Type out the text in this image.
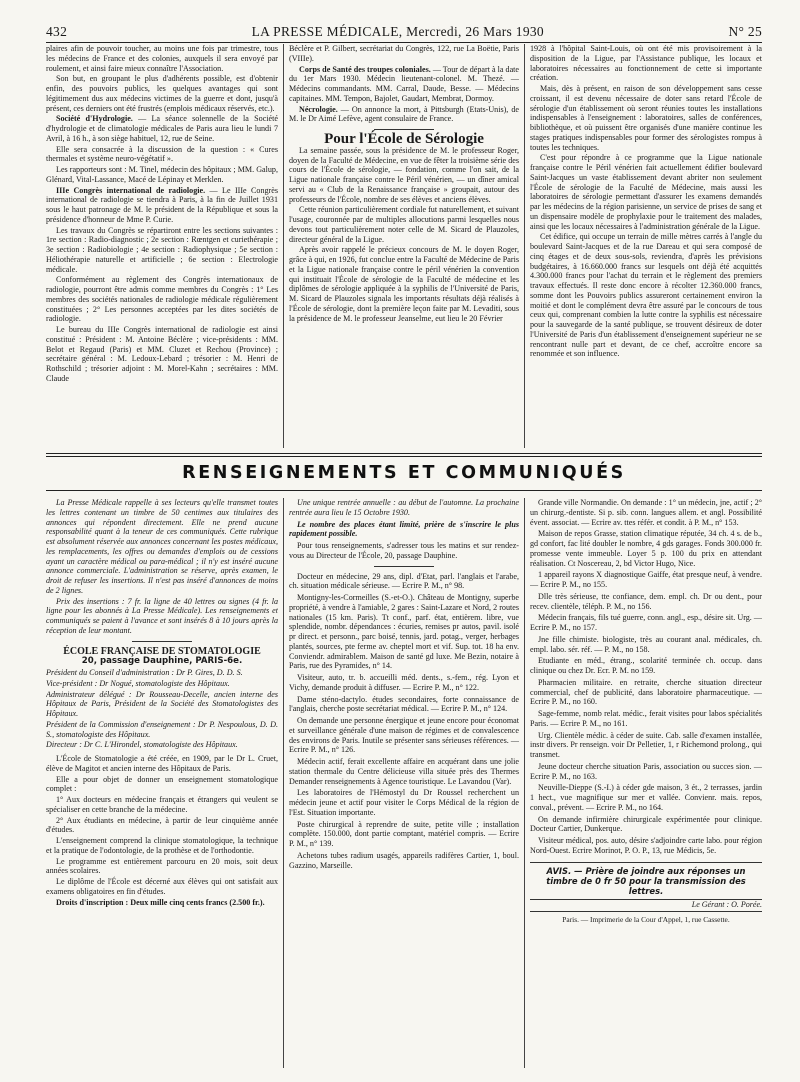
432	LA PRESSE MÉDICALE, Mercredi, 26 Mars 1930	N° 25

plaires afin de pouvoir toucher, au moins une fois par trimestre, tous les médecins de France et des colonies, auxquels il sera envoyé par roulement, et ainsi faire mieux connaître l'Association.

Son but, en groupant le plus d'adhérents possible, est d'obtenir enfin, des pouvoirs publics, les quelques avantages qui sont légitimement dus aux médecins victimes de la guerre et dont, jusqu'à présent, ces derniers ont été frustrés (emplois médicaux réservés, etc.).

Société d'Hydrologie. — La séance solennelle de la Société d'hydrologie et de climatologie médicales de Paris aura lieu le lundi 7 Avril, à 16 h., à son siège habituel, 12, rue de Seine.

Elle sera consacrée à la discussion de la question : « Cures thermales et système neuro-végétatif ».

Les rapporteurs sont : M. Tinel, médecin des hôpitaux ; MM. Galup, Glénard, Vital-Lassance, Macé de Lépinay et Merklen.

IIIe Congrès international de radiologie. — Le IIIe Congrès international de radiologie se tiendra à Paris, à la fin de Juillet 1931 sous le haut patronage de M. le président de la République et sous la présidence d'honneur de Mme P. Curie.

Les travaux du Congrès se répartiront entre les sections suivantes : 1re section : Radio-diagnostic ; 2e section : Rœntgen et curiethérapie ; 3e section : Radiobiologie ; 4e section : Radiophysique ; 5e section : Héliothérapie naturelle et artificielle ; 6e section : Electrologie médicale.

Conformément au règlement des Congrès internationaux de radiologie, pourront être admis comme membres du Congrès : 1° Les membres des sociétés nationales de radiologie médicale régulièrement constituées ; 2° Les personnes acceptées par les dites sociétés de radiologie.

Le bureau du IIIe Congrès international de radiologie est ainsi constitué : Président : M. Antoine Béclère ; vice-présidents : MM. Belot et Regaud (Paris) et MM. Cluzet et Rechou (Province) ; secrétaire général : M. Ledoux-Lebard ; trésorier : M. Henri de Rothschild ; trésorier adjoint : M. Morel-Kahn ; secrétaires : MM. Claude

Béclère et P. Gilbert, secrétariat du Congrès, 122, rue La Boëtie, Paris (VIIIe).

Corps de Santé des troupes coloniales. — Tour de départ à la date du 1er Mars 1930. Médecin lieutenant-colonel. M. Thezé. — Médecins commandants. MM. Carral, Daude, Besse. — Médecins capitaines. MM. Tempon, Bajolet, Gaudart, Membrat, Dormoy.

Nécrologie. — On annonce la mort, à Pittsburgh (Etats-Unis), de M. le Dr Aimé Lefève, agent consulaire de France.

Pour l'École de Sérologie

La semaine passée, sous la présidence de M. le professeur Roger, doyen de la Faculté de Médecine, en vue de fêter la troisième série des cours de l'École de sérologie, — fondation, comme l'on sait, de la Ligue nationale française contre le Péril vénérien, — un dîner amical servi au « Club de la Renaissance française » groupait, autour des professeurs de l'École, nombre de ses élèves et anciens élèves.

Cette réunion particulièrement cordiale fut naturellement, et suivant l'usage, couronnée par de multiples allocutions parmi lesquelles nous devons tout particulièrement noter celle de M. Sicard de Plauzoles, directeur général de la Ligue.

Après avoir rappelé le précieux concours de M. le doyen Roger, grâce à qui, en 1926, fut conclue entre la Faculté de Médecine de Paris et la Ligue nationale française contre le péril vénérien la convention qui instituait l'École de sérologie de la Faculté de médecine et les diplômes de sérologie appliquée à la syphilis de l'Université de Paris, M. Sicard de Plauzoles signala les importants résultats déjà réalisés à l'École de sérologie, dont la première leçon faite par M. Levaditi, sous la présidence de M. le professeur Jeanselme, eut lieu le 20 Février

1928 à l'hôpital Saint-Louis, où ont été mis provisoirement à la disposition de la Ligue, par l'Assistance publique, les locaux et laboratoires nécessaires au fonctionnement de cette si importante création.

Mais, dès à présent, en raison de son développement sans cesse croissant, il est devenu nécessaire de doter sans retard l'École de sérologie d'un établissement où seront réunies toutes les installations indispensables à l'enseignement : laboratoires, salles de conférences, bibliothèque, et où puissent être organisés d'une manière continue les stages pratiques indispensables pour former des sérologistes rompus à toutes les techniques.

C'est pour répondre à ce programme que la Ligue nationale française contre le Péril vénérien fait actuellement édifier boulevard Saint-Jacques un vaste établissement devant abriter non seulement l'École de sérologie de la Faculté de Médecine, mais aussi les laboratoires de sérologie permettant d'assurer les examens demandés par les médecins de la région parisienne, un service de prises de sang et un dispensaire modèle de prophylaxie pour le traitement des malades, ainsi que les locaux nécessaires à l'administration générale de la Ligue.

Cet édifice, qui occupe un terrain de mille mètres carrés à l'angle du boulevard Saint-Jacques et de la rue Dareau et qui sera composé de cinq étages et de deux sous-sols, reviendra, d'après les prévisions budgétaires, à 16.660.000 francs sur lesquels ont déjà été acquittés 4.300.000 francs pour l'achat du terrain et le règlement des premiers travaux effectués. Il reste donc encore à récolter 12.360.000 francs, somme dont les Pouvoirs publics assureront certainement environ la moitié et dont le complément devra être assuré par le concours de tous ceux qui, comprenant combien la lutte contre la syphilis est nécessaire pour la sauvegarde de la santé publique, se trouvent désireux de doter l'Université de Paris d'un établissement d'enseignement supérieur ne se rencontrant nulle part et devant, de ce chef, accroître encore sa renommée et son influence.

RENSEIGNEMENTS ET COMMUNIQUÉS

La Presse Médicale rappelle à ses lecteurs qu'elle transmet toutes les lettres contenant un timbre de 50 centimes aux titulaires des annonces qui répondent directement. Elle ne prend aucune responsabilité quant à la teneur de ces communiqués. Cette rubrique est absolument réservée aux annonces concernant les postes médicaux, les remplacements, les offres ou demandes d'emplois ou de cessions ayant un caractère médical ou para-médical ; il n'y est inséré aucune annonce commerciale. L'administration se réserve, après examen, le droit de refuser les insertions. Il n'est pas inséré d'annonces de moins de 2 lignes.

Prix des insertions : 7 fr. la ligne de 40 lettres ou signes (4 fr. la ligne pour les abonnés à La Presse Médicale). Les renseignements et communiqués se paient à l'avance et sont insérés 8 à 10 jours après la réception de leur montant.

ÉCOLE FRANÇAISE DE STOMATOLOGIE

20, passage Dauphine, PARIS-6e.

Président du Conseil d'administration : Dr P. Gires, D. D. S.

Vice-président : Dr Nogué, stomatologiste des Hôpitaux.

Administrateur délégué : Dr Rousseau-Decelle, ancien interne des Hôpitaux de Paris, Président de la Société des Stomatologistes des Hôpitaux.

Président de la Commission d'enseignement : Dr P. Nespoulous, D. D. S., stomatologiste des Hôpitaux.

Directeur : Dr C. L'Hirondel, stomatologiste des Hôpitaux.

L'École de Stomatologie a été créée, en 1909, par le Dr L. Cruet, élève de Magitot et ancien interne des Hôpitaux de Paris.

Elle a pour objet de donner un enseignement stomatologique complet :

1° Aux docteurs en médecine français et étrangers qui veulent se spécialiser en cette branche de la médecine.

2° Aux étudiants en médecine, à partir de leur cinquième année d'études.

L'enseignement comprend la clinique stomatologique, la technique et la pratique de l'odontologie, de la prothèse et de l'orthodontie.

Le programme est entièrement parcouru en 20 mois, soit deux années scolaires.

Le diplôme de l'École est décerné aux élèves qui ont satisfait aux examens obligatoires en fin d'études.

Droits d'inscription : Deux mille cinq cents francs (2.500 fr.).

Une unique rentrée annuelle : au début de l'automne. La prochaine rentrée aura lieu le 15 Octobre 1930.

Le nombre des places étant limité, prière de s'inscrire le plus rapidement possible.

Pour tous renseignements, s'adresser tous les matins et sur rendez-vous au Directeur de l'École, 20, passage Dauphine.

Docteur en médecine, 29 ans, dipl. d'Etat, parl. l'anglais et l'arabe, ch. situation médicale sérieuse. — Ecrire P. M., n° 98.

Montigny-les-Cormeilles (S.-et-O.). Château de Montigny, superbe propriété, à vendre à l'amiable, 2 gares : Saint-Lazare et Nord, 2 routes nationales (15 km. Paris). Tt conf., parf. état, entièrem. libre, vue splendide, nombr. dépendances : écuries, remises pr autos, pavil. isolé pr direct. et personn., parc boisé, tennis, jard. potag., verger, herbages plantés, sources, pte ferme av. cheptel mort et vif. Sup. tot. 18 ha env. Conviendr. admirablem. Maison de santé gd luxe. Me Bezin, notaire à Paris, rue des Pyramides, n° 14.

Visiteur, auto, tr. b. accueilli méd. dents., s.-fem., rég. Lyon et Vichy, demande produit à diffuser. — Ecrire P. M., n° 122.

Dame sténo-dactylo. études secondaires, forte connaissance de l'anglais, cherche poste secrétariat médical. — Ecrire P. M., n° 124.

On demande une personne énergique et jeune encore pour économat et surveillance générale d'une maison de régimes et de convalescence des environs de Paris. Inutile se présenter sans sérieuses références. — Ecrire P. M., n° 126.

Médecin actif, ferait excellente affaire en acquérant dans une jolie station thermale du Centre délicieuse villa située près des Thermes Demander renseignements à Agence touristique. Le Lavandou (Var).

Les laboratoires de l'Hémostyl du Dr Roussel recherchent un médecin jeune et actif pour visiter le Corps Médical de la région de l'Est. Situation importante.

Poste chirurgical à reprendre de suite, petite ville ; installation complète. 150.000, dont partie comptant, matériel compris. — Ecrire P. M., n° 139.

Achetons tubes radium usagés, appareils radifères Cartier, 1, boul. Gazzino, Marseille.

Grande ville Normandie. On demande : 1° un médecin, jne, actif ; 2° un chirurg.-dentiste. Si p. sib. conn. langues allem. et angl. Possibilité évent. associat. — Ecrire av. ttes référ. et condit. à P. M., n° 153.

Maison de repos Grasse, station climatique réputée, 34 ch. 4 s. de b., gd confort, fac lité doubler le nombre, 4 gds garages. Fonds 300.000 fr. promesse vente immeuble. Loyer 5 p. 100 du prix en attendant réalisation. Ct Noscereau, 2, bd Victor Hugo, Nice.

1 appareil rayons X diagnostique Gaiffe, état presque neuf, à vendre. — Ecrire P. M., no 155.

Dlle très sérieuse, tte confiance, dem. empl. ch. Dr ou dent., pour recev. clientèle, téléph. P. M., no 156.

Médecin français, fils tué guerre, conn. angl., esp., désire sit. Urg. — Ecrire P. M., no 157.

Jne fille chimiste. biologiste, très au courant anal. médicales, ch. empl. labo. sér. réf. — P. M., no 158.

Etudiante en méd., étrang., scolarité terminée ch. occup. dans clinique ou chez Dr. Ecr. P. M. no 159.

Pharmacien militaire. en retraite, cherche situation directeur commercial, chef de publicité, dans laboratoire pharmaceutique. — Ecrire P. M., no 160.

Sage-femme, nomb relat. médic., ferait visites pour labos spécialités Paris. — Ecrire P. M., no 161.

Urg. Clientèle médic. à céder de suite. Cab. salle d'examen installée, instr divers. Pr renseign. voir Dr Pelletier, 1, r Richemond prolong., qui transmet.

Jeune docteur cherche situation Paris, association ou succes sion. — Ecrire P. M., no 163.

Neuville-Dieppe (S.-I.) à céder gde maison, 3 ét., 2 terrasses, jardin 1 hect., vue magnifique sur mer et vallée. Convienr. mais. repos, conval., prévent. — Ecrire P. M., no 164.

On demande infirmière chirurgicale expérimentée pour clinique. Docteur Cartier, Dunkerque.

Visiteur médical, pos. auto, désire s'adjoindre carte labo. pour région Nord-Ouest. Ecrire Morinot, P. O. P., 13, rue Médicis, 5e.

AVIS. — Prière de joindre aux réponses un timbre de 0 fr 50 pour la transmission des lettres.

Le Gérant : O. Porée.

Paris. — Imprimerie de la Cour d'Appel, 1, rue Cassette.
